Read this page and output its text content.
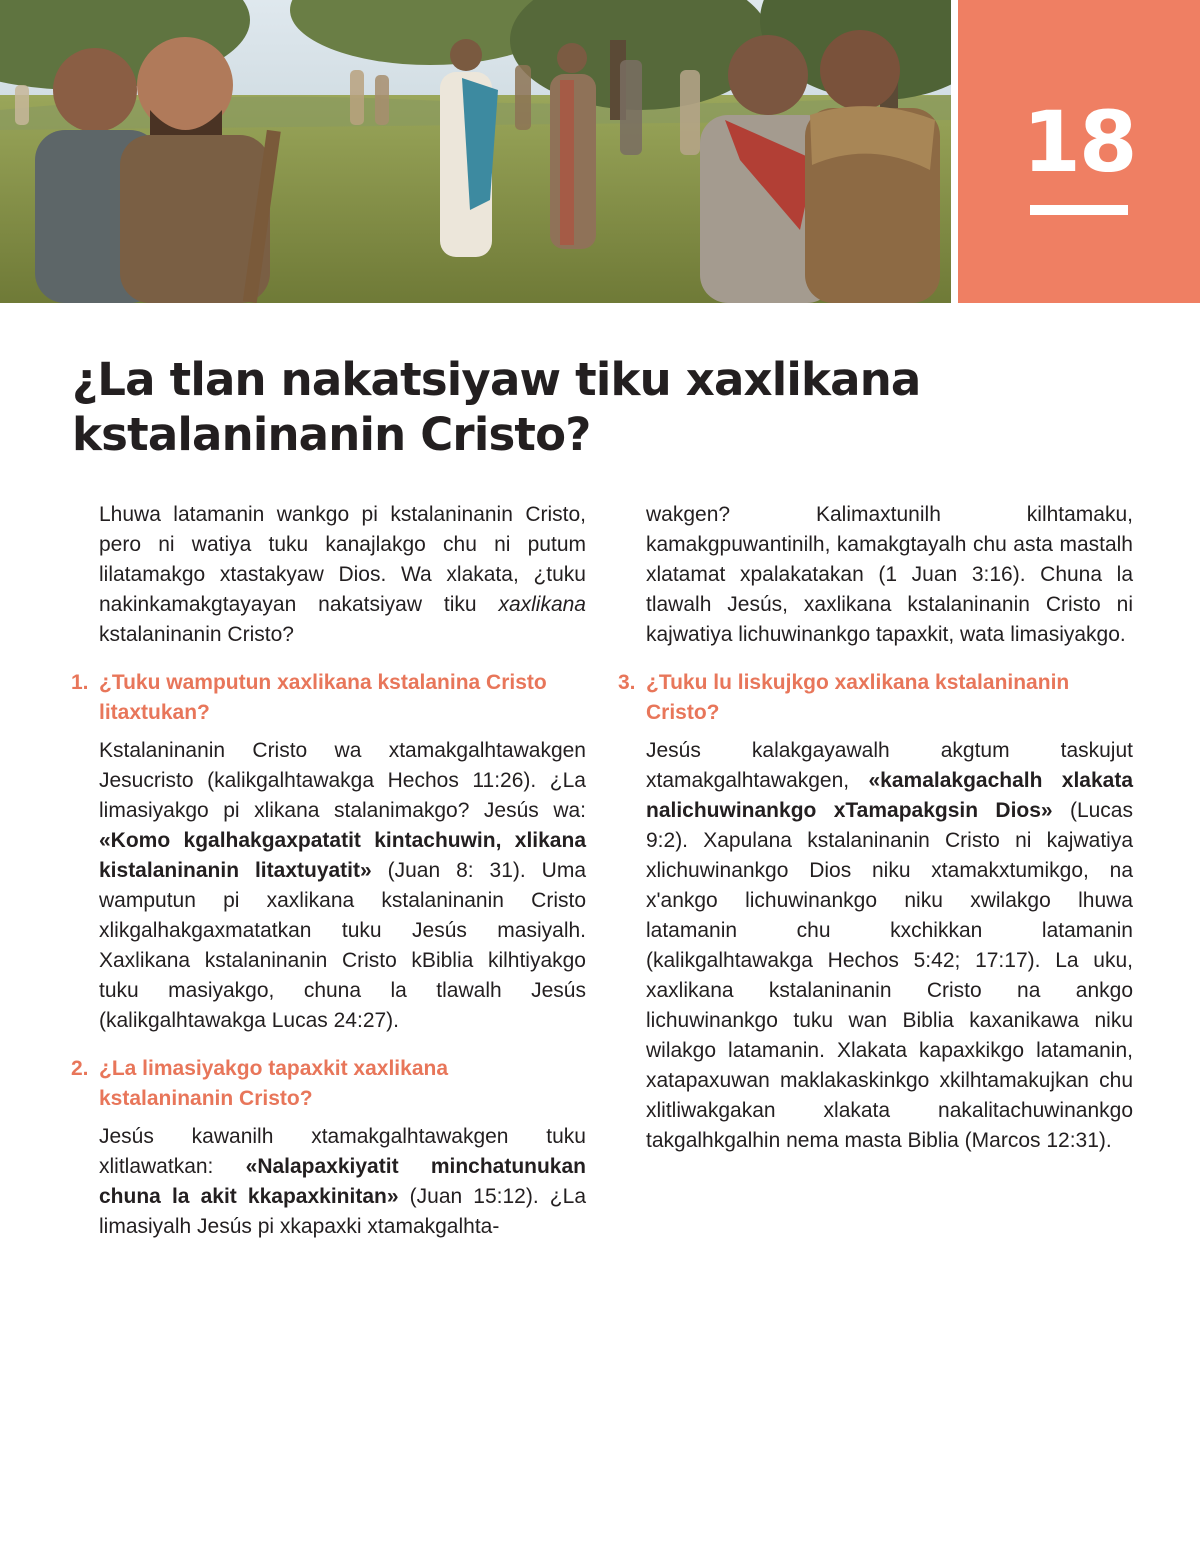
18
¿La tlan nakatsiyaw tiku xaxlikana kstalaninanin Cristo?

Lhuwa latamanin wankgo pi kstalaninanin Cristo, pero ni watiya tuku kanajlakgo chu ni putum lilatamakgo xtastakyaw Dios. Wa xlakata, ¿tuku nakinkamakgtayayan nakatsiyaw tiku xaxlikana kstalaninanin Cristo?

1. ¿Tuku wamputun xaxlikana kstalanina Cristo litaxtukan?

Kstalaninanin Cristo wa xtamakgalhtawakgen Jesucristo (kalikgalhtawakga Hechos 11:26). ¿La limasiyakgo pi xlikana stalanimakgo? Jesús wa: «Komo kgalhakgaxpatatit kintachuwin, xlikana kistalaninanin litaxtuyatit» (Juan 8: 31). Uma wamputun pi xaxlikana kstalaninanin Cristo xlikgalhakgaxmatatkan tuku Jesús masiyalh. Xaxlikana kstalaninanin Cristo kBiblia kilhtiyakgo tuku masiyakgo, chuna la tlawalh Jesús (kalikgalhtawakga Lucas 24:27).

2. ¿La limasiyakgo tapaxkit xaxlikana kstalaninanin Cristo?

Jesús kawanilh xtamakgalhtawakgen tuku xlitlawatkan: «Nalapaxkiyatit minchatunukan chuna la akit kkapaxkinitan» (Juan 15:12). ¿La limasiyalh Jesús pi xkapaxki xtamakgalhta-

wakgen? Kalimaxtunilh kilhtamaku, kamakgpuwantinilh, kamakgtayalh chu asta mastalh xlatamat xpalakatakan (1 Juan 3:16). Chuna la tlawalh Jesús, xaxlikana kstalaninanin Cristo ni kajwatiya lichuwinankgo tapaxkit, wata limasiyakgo.

3. ¿Tuku lu liskujkgo xaxlikana kstalaninanin Cristo?

Jesús kalakgayawalh akgtum taskujut xtamakgalhtawakgen, «kamalakgachalh xlakata nalichuwinankgo xTamapakgsin Dios» (Lucas 9:2). Xapulana kstalaninanin Cristo ni kajwatiya xlichuwinankgo Dios niku xtamakxtumikgo, na x'ankgo lichuwinankgo niku xwilakgo lhuwa latamanin chu kxchikkan latamanin (kalikgalhtawakga Hechos 5:42; 17:17). La uku, xaxlikana kstalaninanin Cristo na ankgo lichuwinankgo tuku wan Biblia kaxanikawa niku wilakgo latamanin. Xlakata kapaxkikgo latamanin, xatapaxuwan maklakaskinkgo xkilhtamakujkan chu xlitliwakgakan xlakata nakalitachuwinankgo takgalhkgalhin nema masta Biblia (Marcos 12:31).
